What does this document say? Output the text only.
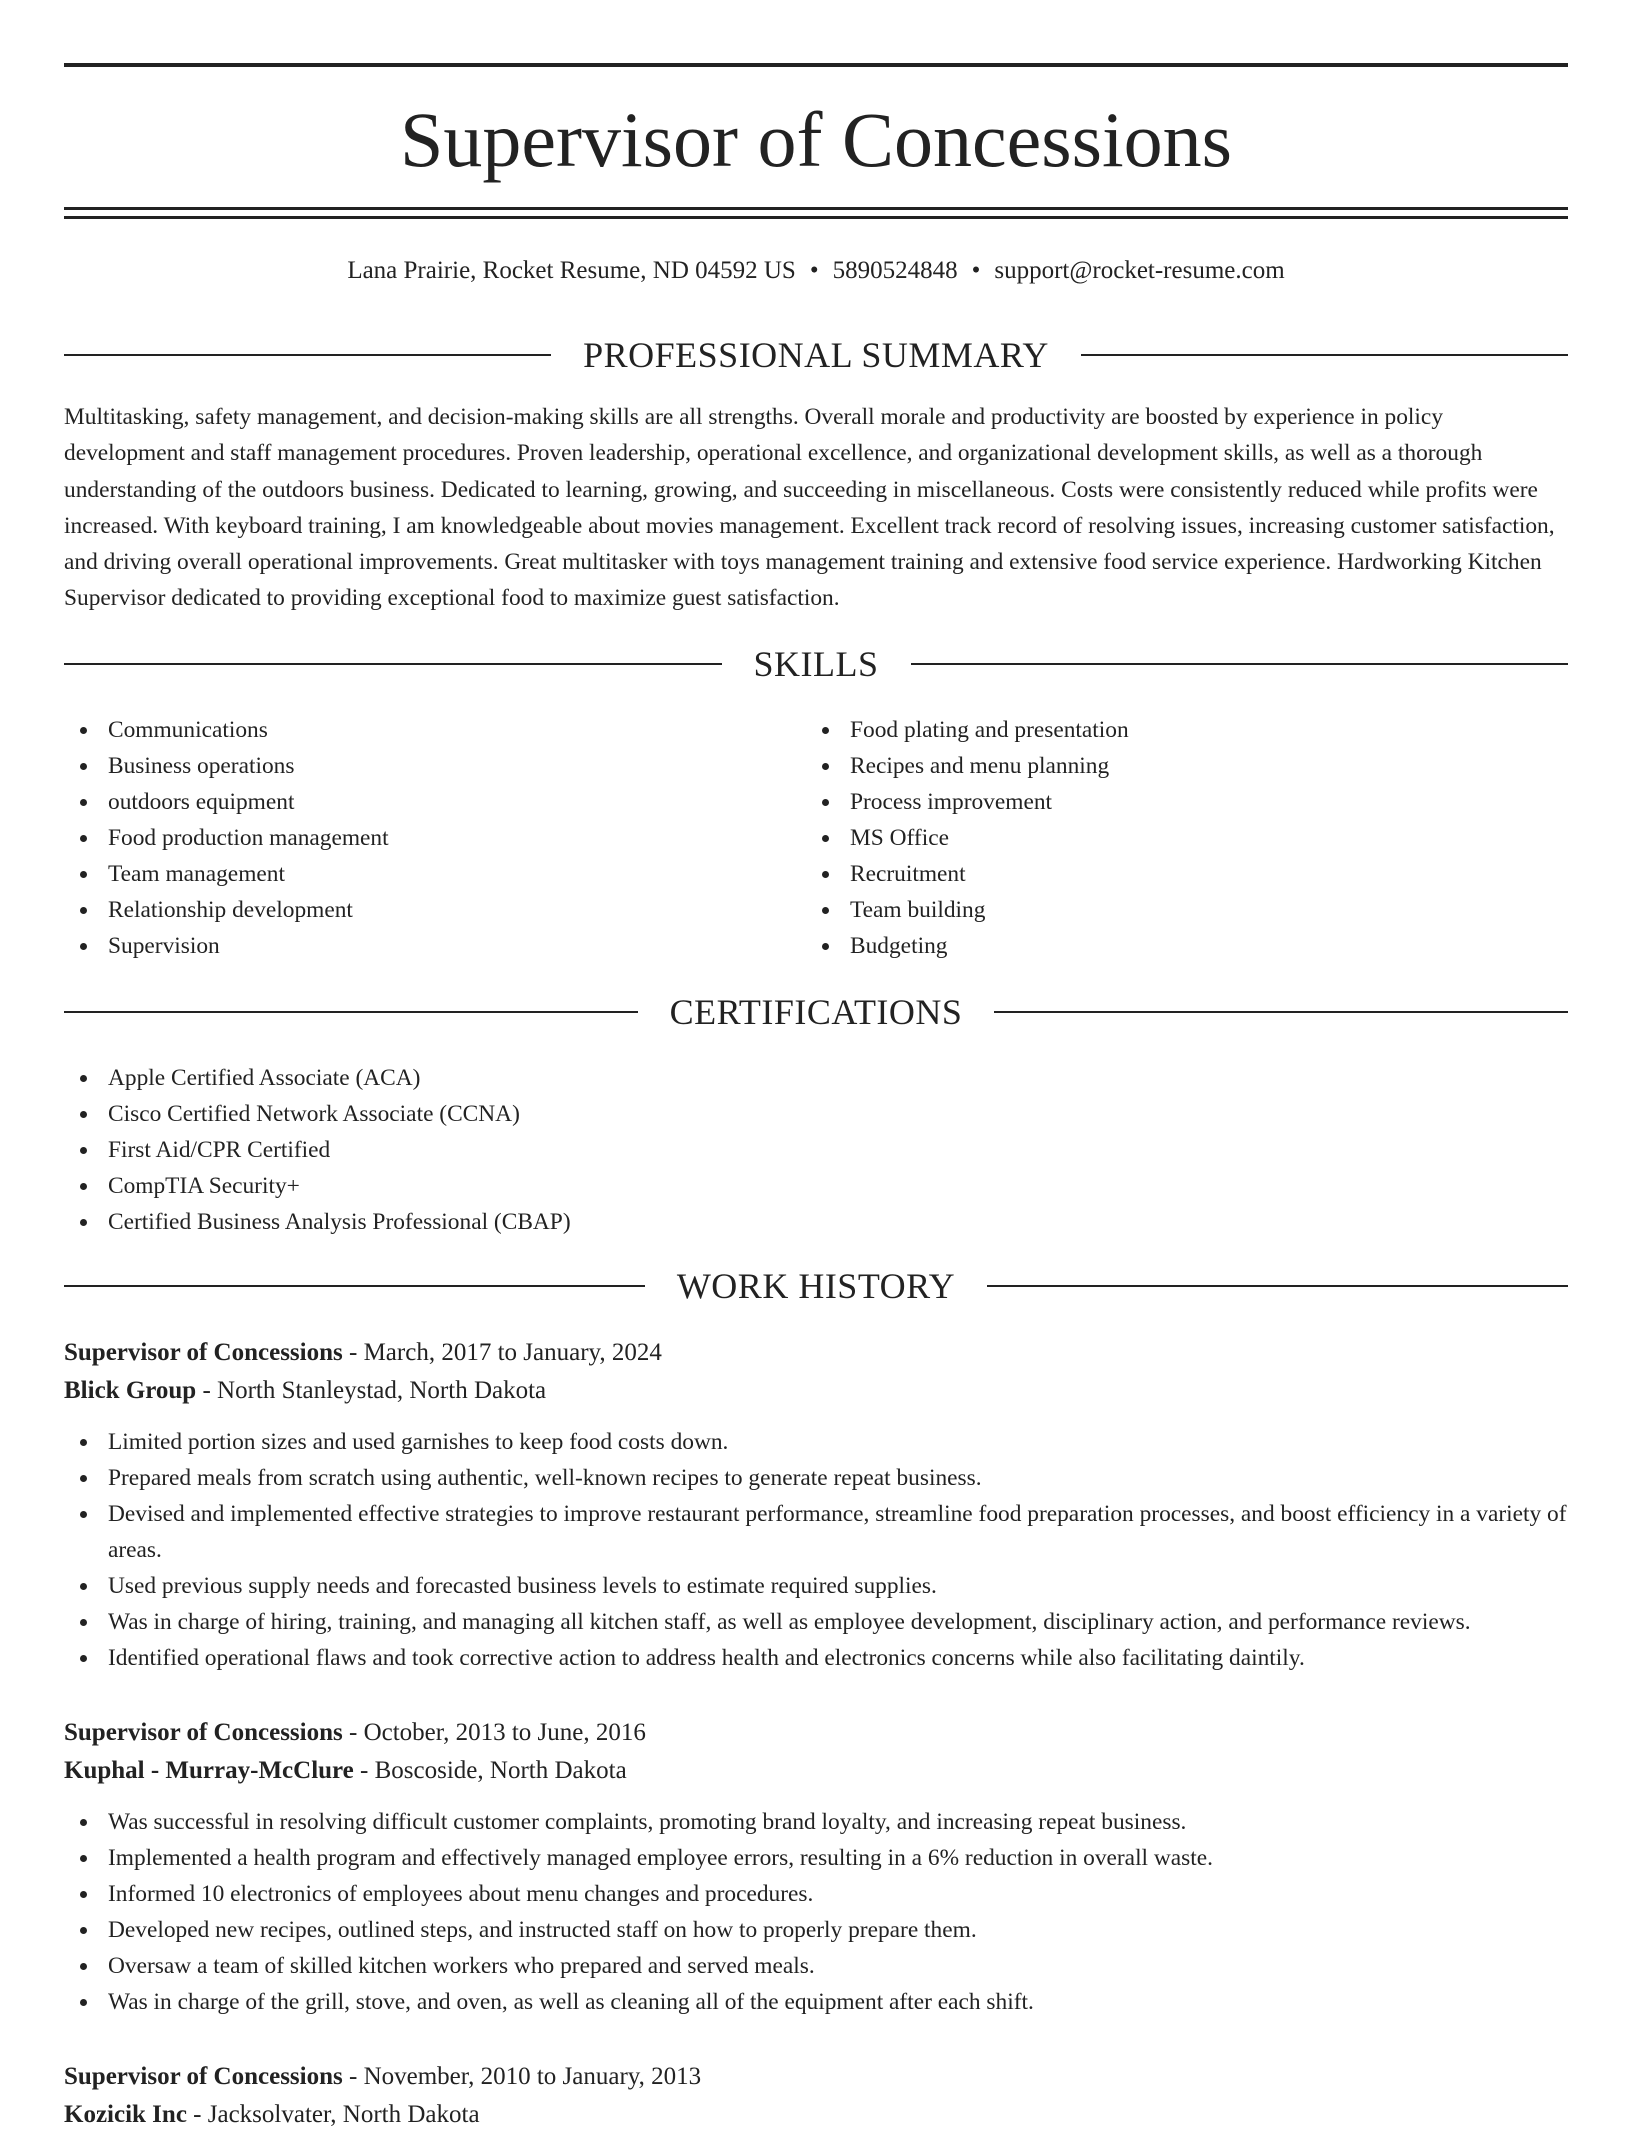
Supervisor of Concessions
Lana Prairie, Rocket Resume, ND 04592 US • 5890524848 • support@rocket-resume.com
PROFESSIONAL SUMMARY

Multitasking, safety management, and decision-making skills are all strengths. Overall morale and productivity are boosted by experience in policy development and staff management procedures. Proven leadership, operational excellence, and organizational development skills, as well as a thorough understanding of the outdoors business. Dedicated to learning, growing, and succeeding in miscellaneous. Costs were consistently reduced while profits were increased. With keyboard training, I am knowledgeable about movies management. Excellent track record of resolving issues, increasing customer satisfaction, and driving overall operational improvements. Great multitasker with toys management training and extensive food service experience. Hardworking Kitchen Supervisor dedicated to providing exceptional food to maximize guest satisfaction.

SKILLS
Communications
Business operations
outdoors equipment
Food production management
Team management
Relationship development
Supervision
Food plating and presentation
Recipes and menu planning
Process improvement
MS Office
Recruitment
Team building
Budgeting
CERTIFICATIONS
Apple Certified Associate (ACA)
Cisco Certified Network Associate (CCNA)
First Aid/CPR Certified
CompTIA Security+
Certified Business Analysis Professional (CBAP)
WORK HISTORY
Supervisor of Concessions - March, 2017 to January, 2024
Blick Group - North Stanleystad, North Dakota
Limited portion sizes and used garnishes to keep food costs down.
Prepared meals from scratch using authentic, well-known recipes to generate repeat business.
Devised and implemented effective strategies to improve restaurant performance, streamline food preparation processes, and boost efficiency in a variety of areas.
Used previous supply needs and forecasted business levels to estimate required supplies.
Was in charge of hiring, training, and managing all kitchen staff, as well as employee development, disciplinary action, and performance reviews.
Identified operational flaws and took corrective action to address health and electronics concerns while also facilitating daintily.
Supervisor of Concessions - October, 2013 to June, 2016
Kuphal - Murray-McClure - Boscoside, North Dakota
Was successful in resolving difficult customer complaints, promoting brand loyalty, and increasing repeat business.
Implemented a health program and effectively managed employee errors, resulting in a 6% reduction in overall waste.
Informed 10 electronics of employees about menu changes and procedures.
Developed new recipes, outlined steps, and instructed staff on how to properly prepare them.
Oversaw a team of skilled kitchen workers who prepared and served meals.
Was in charge of the grill, stove, and oven, as well as cleaning all of the equipment after each shift.
Supervisor of Concessions - November, 2010 to January, 2013
Kozicik Inc - Jacksolvater, North Dakota
